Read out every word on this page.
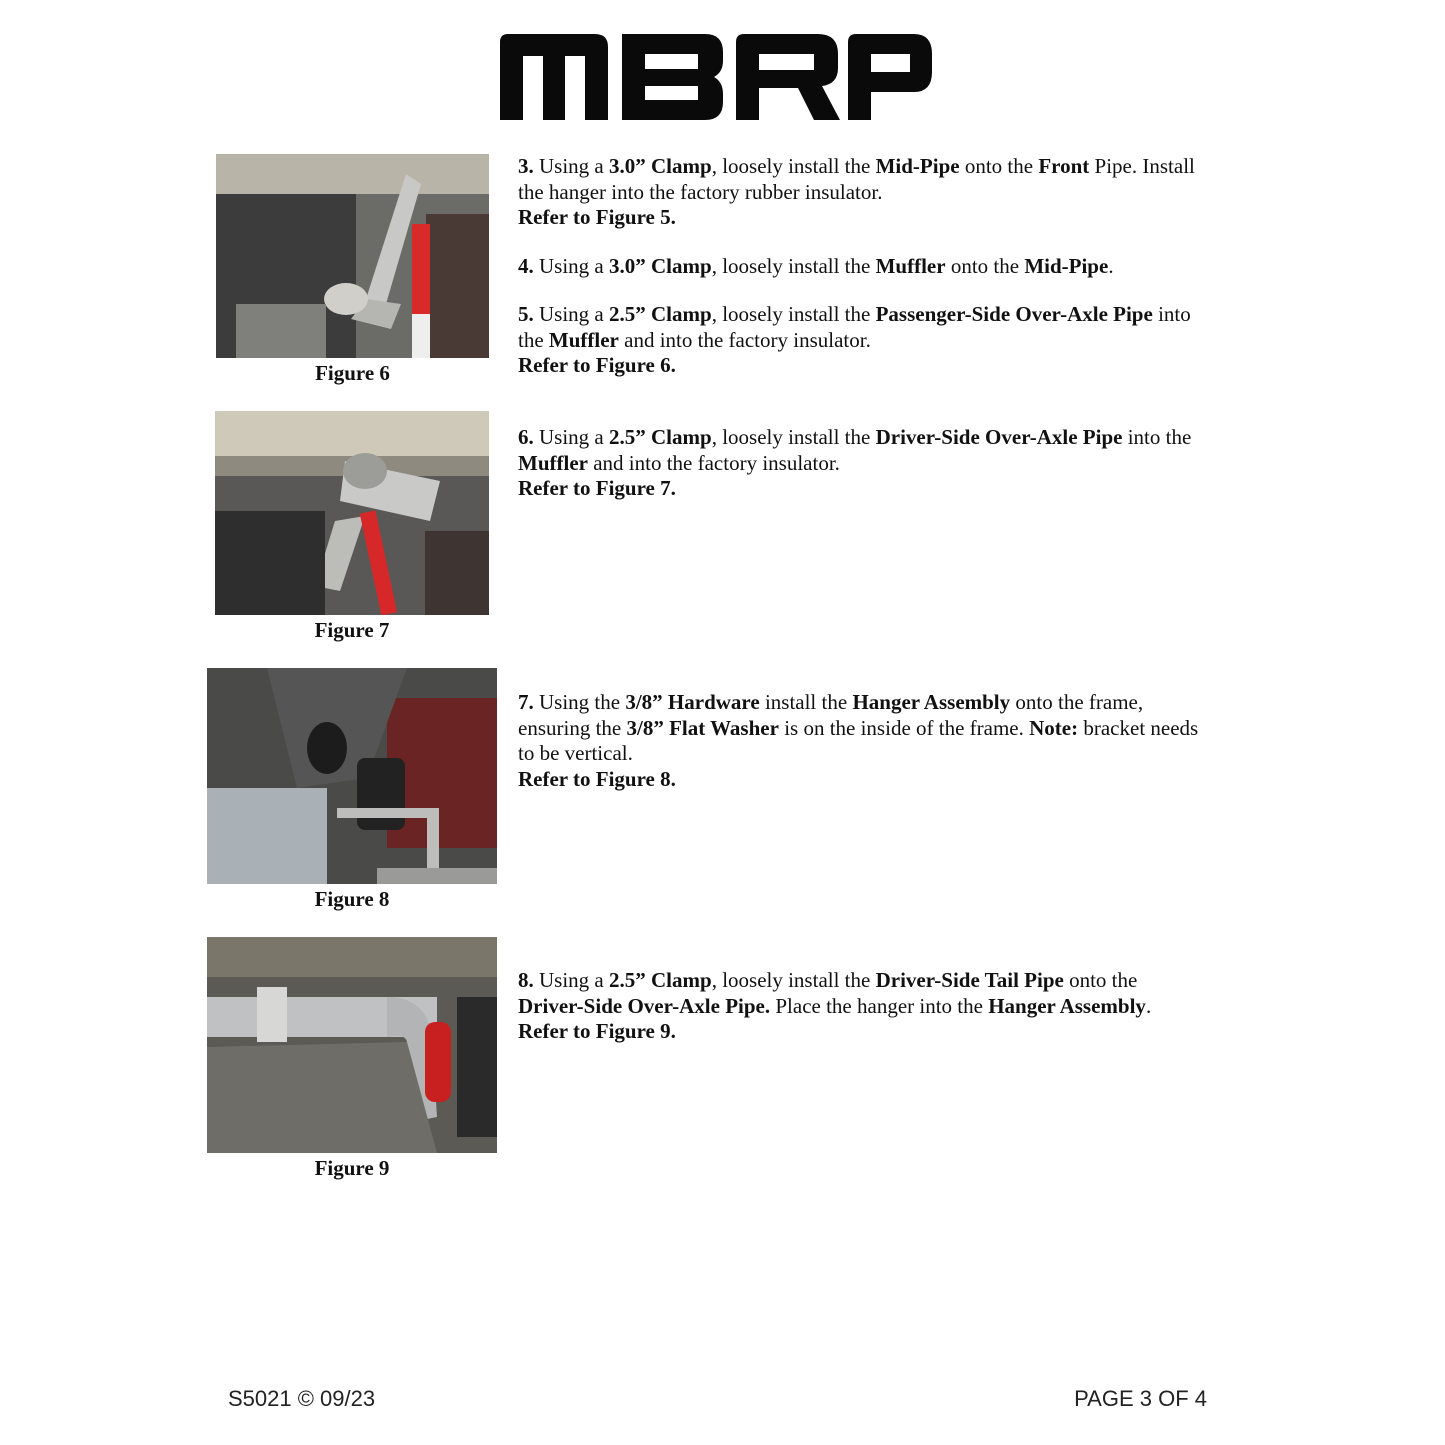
Figure 6
Figure 7
Figure 8
Figure 9

3. Using a 3.0” Clamp, loosely install the Mid-Pipe onto the Front Pipe. Install the hanger into the factory rubber insulator.

Refer to Figure 5.

4. Using a 3.0” Clamp, loosely install the Muffler onto the Mid-Pipe.

5. Using a 2.5” Clamp, loosely install the Passenger-Side Over-Axle Pipe into the Muffler and into the factory insulator.

Refer to Figure 6.

6. Using a 2.5” Clamp, loosely install the Driver-Side Over-Axle Pipe into the Muffler and into the factory insulator.

Refer to Figure 7.

7. Using the 3/8” Hardware install the Hanger Assembly onto the frame, ensuring the 3/8” Flat Washer is on the inside of the frame. Note: bracket needs to be vertical.

Refer to Figure 8.

8. Using a 2.5” Clamp, loosely install the Driver-Side Tail Pipe onto the Driver-Side Over-Axle Pipe. Place the hanger into the Hanger Assembly.

Refer to Figure 9.

S5021 © 09/23	PAGE 3 OF 4
